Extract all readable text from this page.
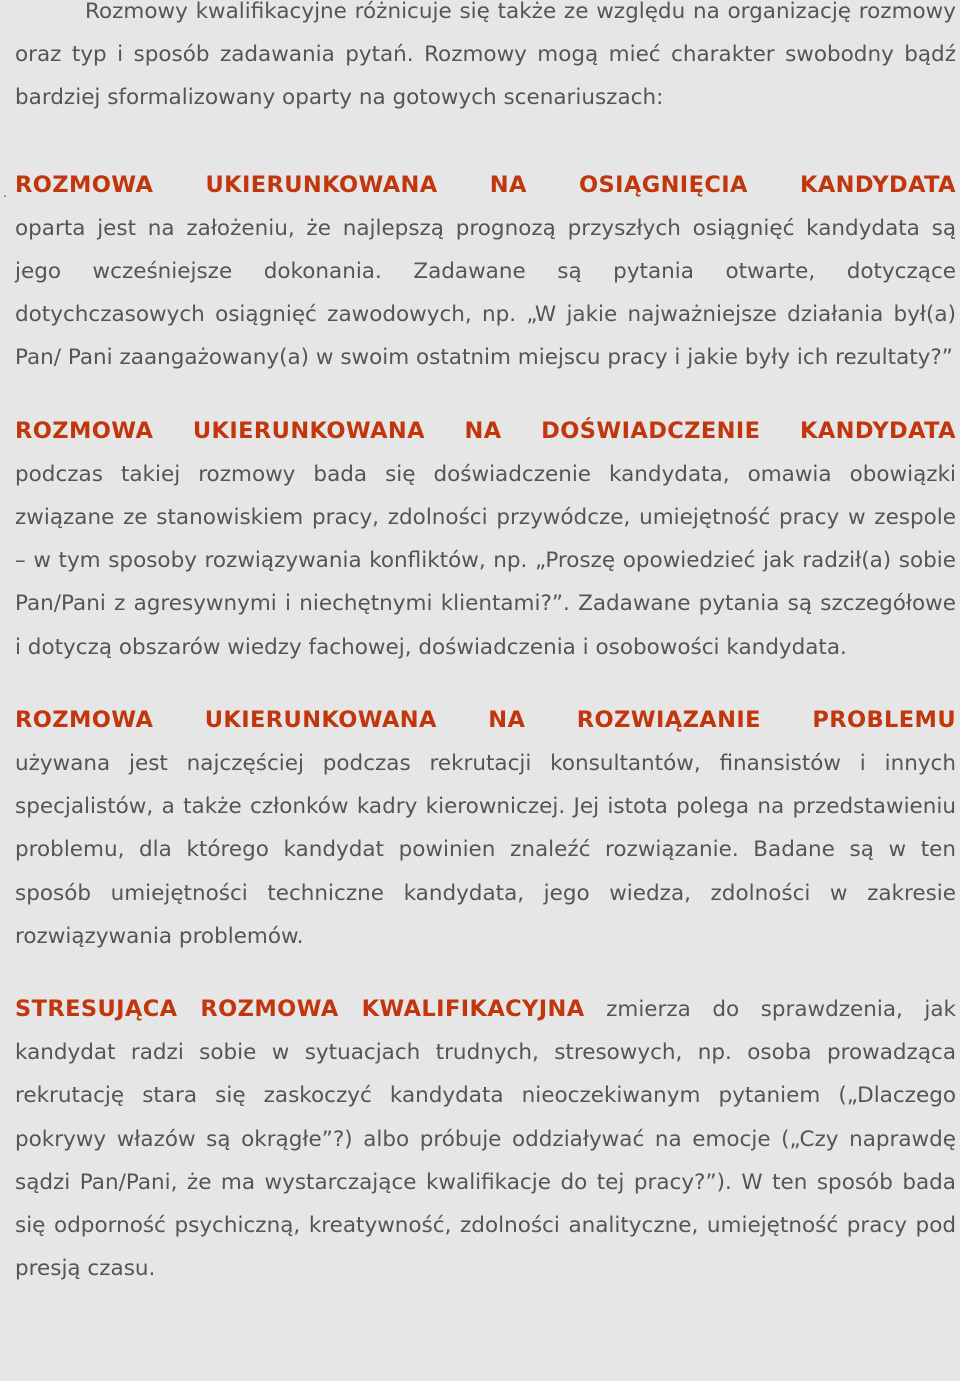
.

Rozmowy kwalifikacyjne różnicuje się także ze względu na organizację rozmowy oraz typ i sposób zadawania pytań. Rozmowy mogą mieć charakter swobodny bądź bardziej sformalizowany oparty na gotowych scenariuszach:

ROZMOWA UKIERUNKOWANA NA OSIĄGNIĘCIA KANDYDATA
oparta jest na założeniu, że najlepszą prognozą przyszłych osiągnięć kandydata są jego wcześniejsze dokonania. Zadawane są pytania otwarte, dotyczące dotychczasowych osiągnięć zawodowych, np. „W jakie najważniejsze działania był(a) Pan/ Pani zaangażowany(a) w swoim ostatnim miejscu pracy i jakie były ich rezultaty?”

ROZMOWA UKIERUNKOWANA NA DOŚWIADCZENIE KANDYDATA
podczas takiej rozmowy bada się doświadczenie kandydata, omawia obowiązki związane ze stanowiskiem pracy, zdolności przywódcze, umiejętność pracy w zespole – w tym sposoby rozwiązywania konfliktów, np. „Proszę opowiedzieć jak radził(a) sobie Pan/Pani z agresywnymi i niechętnymi klientami?”. Zadawane pytania są szczegółowe i dotyczą obszarów wiedzy fachowej, doświadczenia i osobowości kandydata.

ROZMOWA UKIERUNKOWANA NA ROZWIĄZANIE PROBLEMU
używana jest najczęściej podczas rekrutacji konsultantów, finansistów i innych specjalistów, a także członków kadry kierowniczej. Jej istota polega na przedstawieniu problemu, dla którego kandydat powinien znaleźć rozwiązanie. Badane są w ten sposób umiejętności techniczne kandydata, jego wiedza, zdolności w zakresie rozwiązywania problemów.

STRESUJĄCA ROZMOWA KWALIFIKACYJNA zmierza do sprawdzenia, jak kandydat radzi sobie w sytuacjach trudnych, stresowych, np. osoba prowadząca rekrutację stara się zaskoczyć kandydata nieoczekiwanym pytaniem („Dlaczego pokrywy włazów są okrągłe”?) albo próbuje oddziaływać na emocje („Czy naprawdę sądzi Pan/Pani, że ma wystarczające kwalifikacje do tej pracy?”). W ten sposób bada się odporność psychiczną, kreatywność, zdolności analityczne, umiejętność pracy pod presją czasu.
